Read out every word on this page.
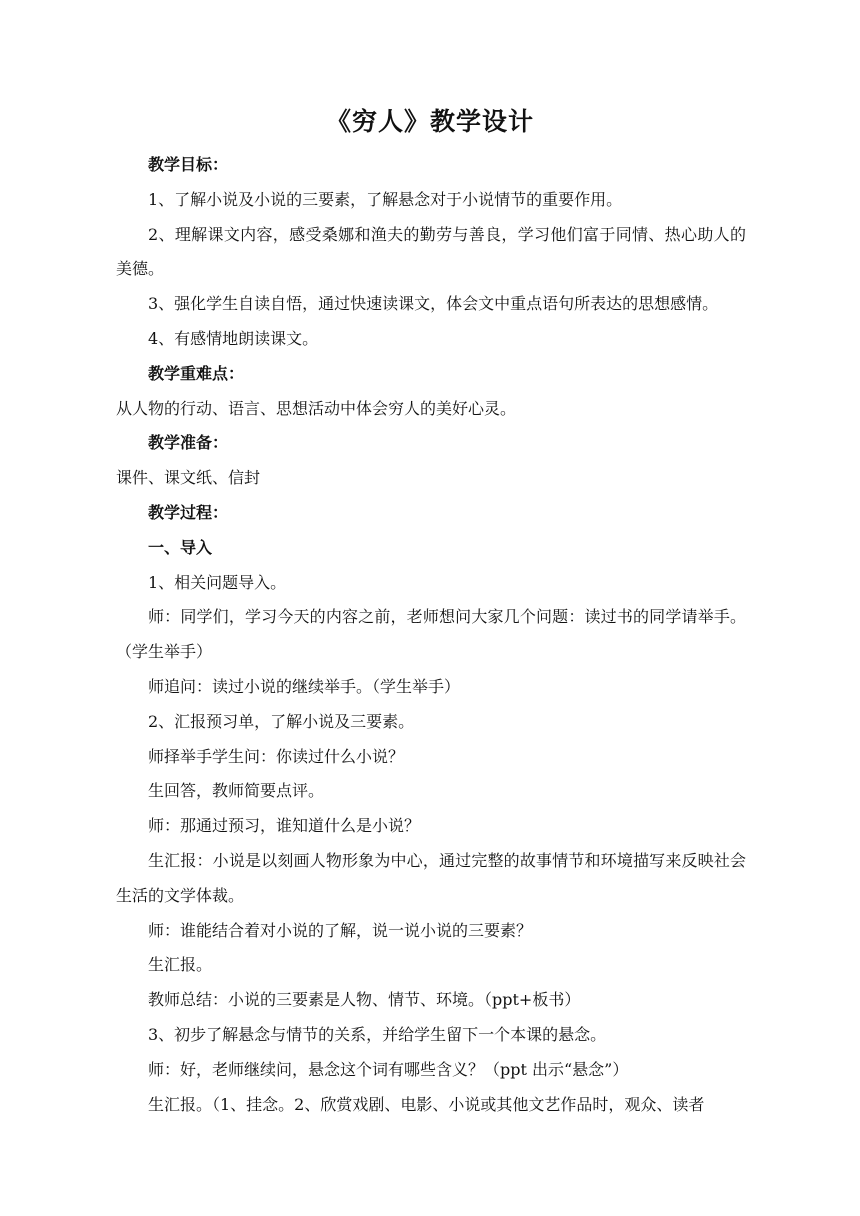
《穷人》教学设计

教学目标：

1、了解小说及小说的三要素，了解悬念对于小说情节的重要作用。

2、理解课文内容，感受桑娜和渔夫的勤劳与善良，学习他们富于同情、热心助人的美德。

3、强化学生自读自悟，通过快速读课文，体会文中重点语句所表达的思想感情。

4、有感情地朗读课文。

教学重难点：

从人物的行动、语言、思想活动中体会穷人的美好心灵。

教学准备：

课件、课文纸、信封

教学过程：

一、导入

1、相关问题导入。

师：同学们，学习今天的内容之前，老师想问大家几个问题：读过书的同学请举手。（学生举手）

师追问：读过小说的继续举手。（学生举手）

2、汇报预习单，了解小说及三要素。

师择举手学生问：你读过什么小说？

生回答，教师简要点评。

师：那通过预习，谁知道什么是小说？

生汇报：小说是以刻画人物形象为中心，通过完整的故事情节和环境描写来反映社会生活的文学体裁。

师：谁能结合着对小说的了解，说一说小说的三要素？

生汇报。

教师总结：小说的三要素是人物、情节、环境。（ppt+板书）

3、初步了解悬念与情节的关系，并给学生留下一个本课的悬念。

师：好，老师继续问，悬念这个词有哪些含义？（ppt 出示“悬念”）

生汇报。（1、挂念。2、欣赏戏剧、电影、小说或其他文艺作品时，观众、读者
